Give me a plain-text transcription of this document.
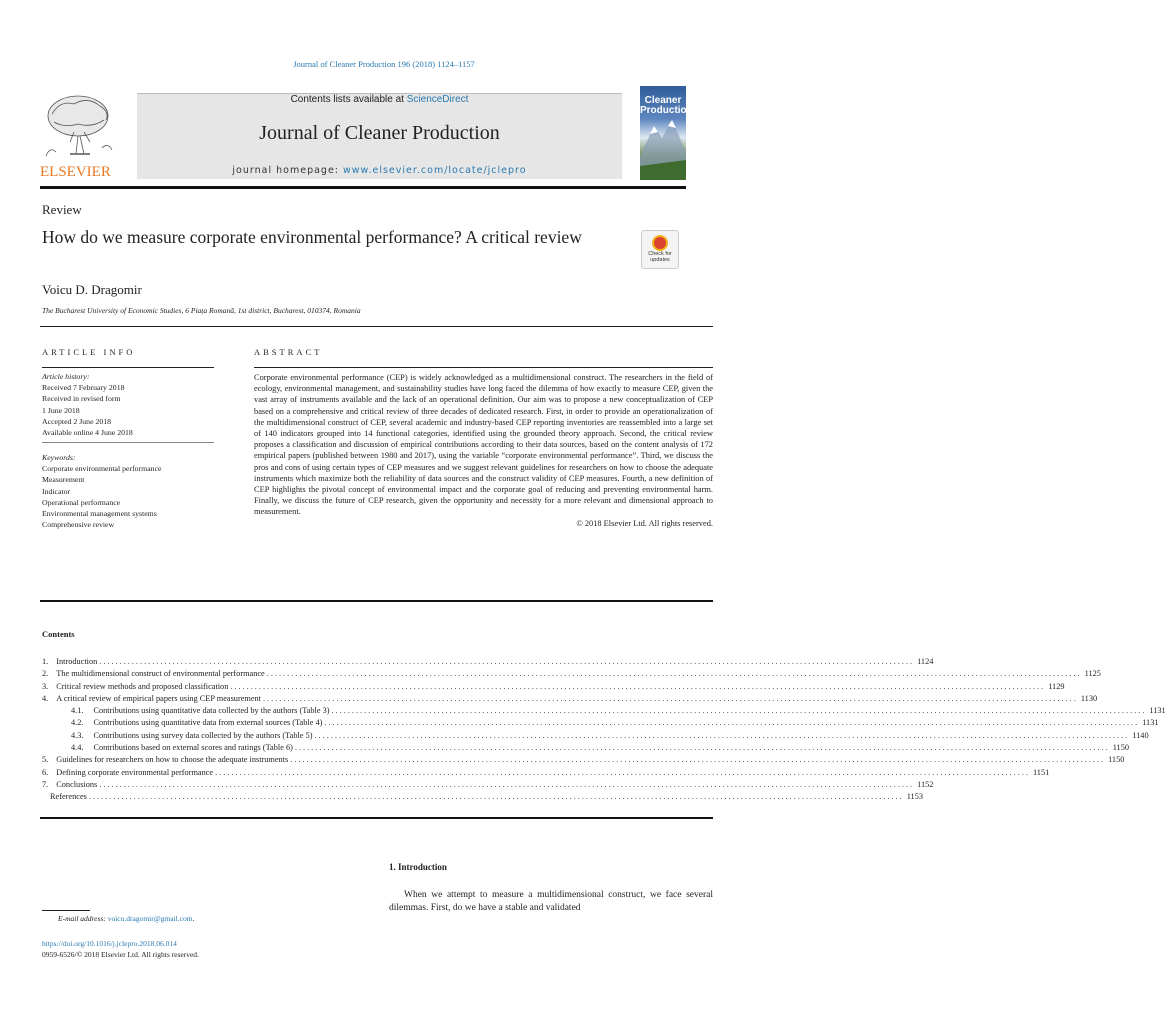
Journal of Cleaner Production 196 (2018) 1124–1157
ELSEVIER
Contents lists available at ScienceDirect
Journal of Cleaner Production
journal homepage: www.elsevier.com/locate/jclepro
Cleaner
Production
Review
How do we measure corporate environmental performance? A critical review
Check for
updates
Voicu D. Dragomir
The Bucharest University of Economic Studies, 6 Piața Romană, 1st district, Bucharest, 010374, Romania
ARTICLE INFO
Article history:
Received 7 February 2018
Received in revised form
1 June 2018
Accepted 2 June 2018
Available online 4 June 2018
Keywords:
Corporate environmental performance
Measurement
Indicator
Operational performance
Environmental management systems
Comprehensive review
ABSTRACT
Corporate environmental performance (CEP) is widely acknowledged as a multidimensional construct. The researchers in the field of ecology, environmental management, and sustainability studies have long faced the dilemma of how exactly to measure CEP, given the vast array of instruments available and the lack of an operational definition. Our aim was to propose a new conceptualization of CEP based on a comprehensive and critical review of three decades of dedicated research. First, in order to provide an operationalization of the multidimensional construct of CEP, several academic and industry-based CEP reporting inventories are reassembled into a large set of 140 indicators grouped into 14 functional categories, identified using the grounded theory approach. Second, the critical review proposes a classification and discussion of empirical contributions according to their data sources, based on the content analysis of 172 empirical papers (published between 1980 and 2017), using the variable “corporate environmental performance”. Third, we discuss the pros and cons of using certain types of CEP measures and we suggest relevant guidelines for researchers on how to choose the adequate instruments which maximize both the reliability of data sources and the construct validity of CEP measures. Fourth, a new definition of CEP highlights the pivotal concept of environmental impact and the corporate goal of reducing and preventing environmental harm. Finally, we discuss the future of CEP research, given the opportunity and necessity for a more relevant and dimensional approach to measurement.
© 2018 Elsevier Ltd. All rights reserved.
Contents
1. Introduction ........................................................................................................................................................................................................ 1124
2. The multidimensional construct of environmental performance ........................................................................................................................................................................................................ 1125
3. Critical review methods and proposed classification ........................................................................................................................................................................................................ 1129
4. A critical review of empirical papers using CEP measurement ........................................................................................................................................................................................................ 1130
4.1.	Contributions using quantitative data collected by the authors (Table 3) ........................................................................................................................................................................................................ 1131
4.2.	Contributions using quantitative data from external sources (Table 4) ........................................................................................................................................................................................................ 1131
4.3.	Contributions using survey data collected by the authors (Table 5) ........................................................................................................................................................................................................ 1140
4.4.	Contributions based on external scores and ratings (Table 6) ........................................................................................................................................................................................................ 1150
5. Guidelines for researchers on how to choose the adequate instruments ........................................................................................................................................................................................................ 1150
6. Defining corporate environmental performance ........................................................................................................................................................................................................ 1151
7. Conclusions ........................................................................................................................................................................................................ 1152
References ........................................................................................................................................................................................................ 1153
1. Introduction
When we attempt to measure a multidimensional construct, we face several dilemmas. First, do we have a stable and validated
E-mail address: voicu.dragomir@gmail.com.
https://doi.org/10.1016/j.jclepro.2018.06.014
0959-6526/© 2018 Elsevier Ltd. All rights reserved.
